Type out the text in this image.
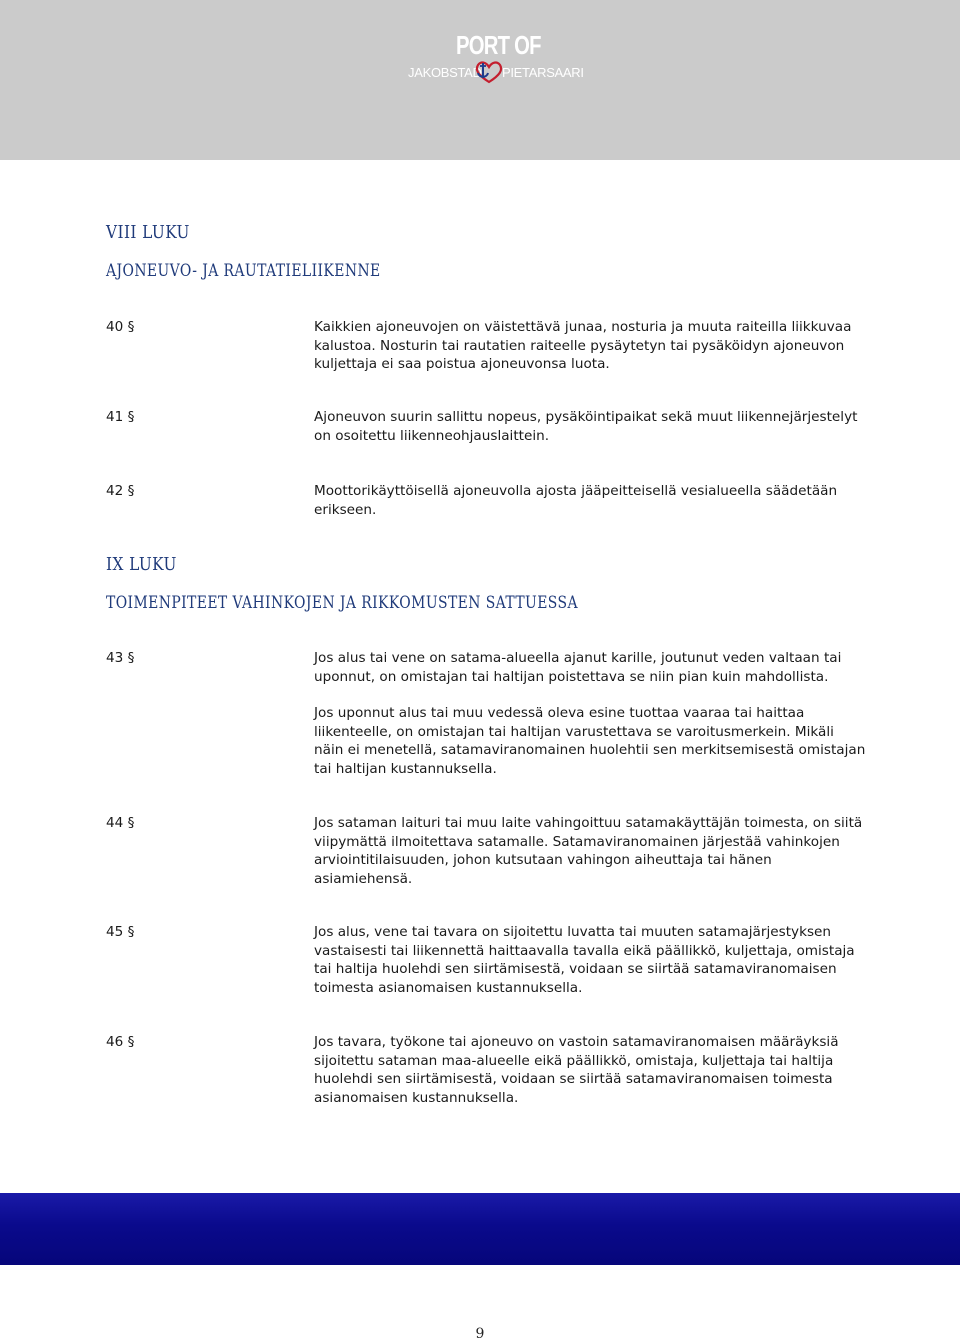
PORT OF
JAKOBSTAD PIETARSAARI
VIII LUKU
AJONEUVO- JA RAUTATIELIIKENNE
40 §	Kaikkien ajoneuvojen on väistettävä junaa, nosturia ja muuta raiteilla liikkuvaa kalustoa. Nosturin tai rautatien raiteelle pysäytetyn tai pysäköidyn ajoneuvon kuljettaja ei saa poistua ajoneuvonsa luota.

41 §	Ajoneuvon suurin sallittu nopeus, pysäköintipaikat sekä muut liikennejärjestelyt on osoitettu liikenneohjauslaittein.

42 §	Moottorikäyttöisellä ajoneuvolla ajosta jääpeitteisellä vesialueella säädetään erikseen.

IX LUKU
TOIMENPITEET VAHINKOJEN JA RIKKOMUSTEN SATTUESSA
43 §	Jos alus tai vene on satama-alueella ajanut karille, joutunut veden valtaan tai uponnut, on omistajan tai haltijan poistettava se niin pian kuin mahdollista.

Jos uponnut alus tai muu vedessä oleva esine tuottaa vaaraa tai haittaa liikenteelle, on omistajan tai haltijan varustettava se varoitusmerkein. Mikäli näin ei menetellä, satamaviranomainen huolehtii sen merkitsemisestä omistajan tai haltijan kustannuksella.

44 §	Jos sataman laituri tai muu laite vahingoittuu satamakäyttäjän toimesta, on siitä viipymättä ilmoitettava satamalle. Satamaviranomainen järjestää vahinkojen arviointitilaisuuden, johon kutsutaan vahingon aiheuttaja tai hänen asiamiehensä.

45 §	Jos alus, vene tai tavara on sijoitettu luvatta tai muuten satamajärjestyksen vastaisesti tai liikennettä haittaavalla tavalla eikä päällikkö, kuljettaja, omistaja tai haltija huolehdi sen siirtämisestä, voidaan se siirtää satamaviranomaisen toimesta asianomaisen kustannuksella.

46 §	Jos tavara, työkone tai ajoneuvo on vastoin satamaviranomaisen määräyksiä sijoitettu sataman maa-alueelle eikä päällikkö, omistaja, kuljettaja tai haltija huolehdi sen siirtämisestä, voidaan se siirtää satamaviranomaisen toimesta asianomaisen kustannuksella.

9
